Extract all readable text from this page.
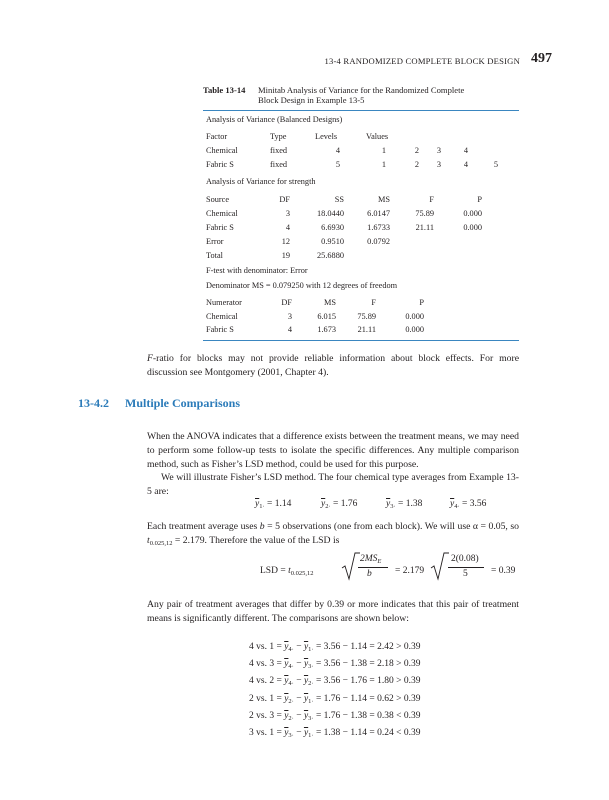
13-4 RANDOMIZED COMPLETE BLOCK DESIGN 497
Table 13-14 Minitab Analysis of Variance for the Randomized Complete
Block Design in Example 13-5
Analysis of Variance (Balanced Designs)
Factor	Type	Levels	Values
Chemical	fixed	4	1	2	3	4
Fabric S	fixed	5	1	2	3	4	5
Analysis of Variance for strength
Source	DF	SS	MS	F	P
Chemical	3	18.0440	6.0147	75.89	0.000
Fabric S	4	6.6930	1.6733	21.11	0.000
Error	12	0.9510	0.0792
Total	19	25.6880
F-test with denominator: Error
Denominator MS = 0.079250 with 12 degrees of freedom
Numerator	DF	MS	F	P
Chemical	3	6.015	75.89	0.000
Fabric S	4	1.673	21.11	0.000
F-ratio for blocks may not provide reliable information about block effects. For more discussion see Montgomery (2001, Chapter 4).
13-4.2 Multiple Comparisons
When the ANOVA indicates that a difference exists between the treatment means, we may need to perform some follow-up tests to isolate the specific differences. Any multiple comparison method, such as Fisher’s LSD method, could be used for this purpose.
We will illustrate Fisher’s LSD method. The four chemical type averages from Example 13-5 are:
$\overline{y}_{1\cdot} = 1.14$	$\overline{y}_{2\cdot} = 1.76$	$\overline{y}_{3\cdot} = 1.38$	$\overline{y}_{4\cdot} = 3.56$
Each treatment average uses b = 5 observations (one from each block). We will use α = 0.05, so $t_{0.025,12} = 2.179$. Therefore the value of the LSD is
LSD = $t_{0.025,12}$
$2MS_E$
b = 2.179
2(0.08)
5 = 0.39
Any pair of treatment averages that differ by 0.39 or more indicates that this pair of treatment means is significantly different. The comparisons are shown below:
4 vs. $1 = \overline{y}_{4\cdot} - \overline{y}_{1\cdot} = 3.56 - 1.14 = 2.42 > 0.39$
4 vs. $3 = \overline{y}_{4\cdot} - \overline{y}_{3\cdot} = 3.56 - 1.38 = 2.18 > 0.39$
4 vs. $2 = \overline{y}_{4\cdot} - \overline{y}_{2\cdot} = 3.56 - 1.76 = 1.80 > 0.39$
2 vs. $1 = \overline{y}_{2\cdot} - \overline{y}_{1\cdot} = 1.76 - 1.14 = 0.62 > 0.39$
2 vs. $3 = \overline{y}_{2\cdot} - \overline{y}_{3\cdot} = 1.76 - 1.38 = 0.38 < 0.39$
3 vs. $1 = \overline{y}_{3\cdot} - \overline{y}_{1\cdot} = 1.38 - 1.14 = 0.24 < 0.39$
